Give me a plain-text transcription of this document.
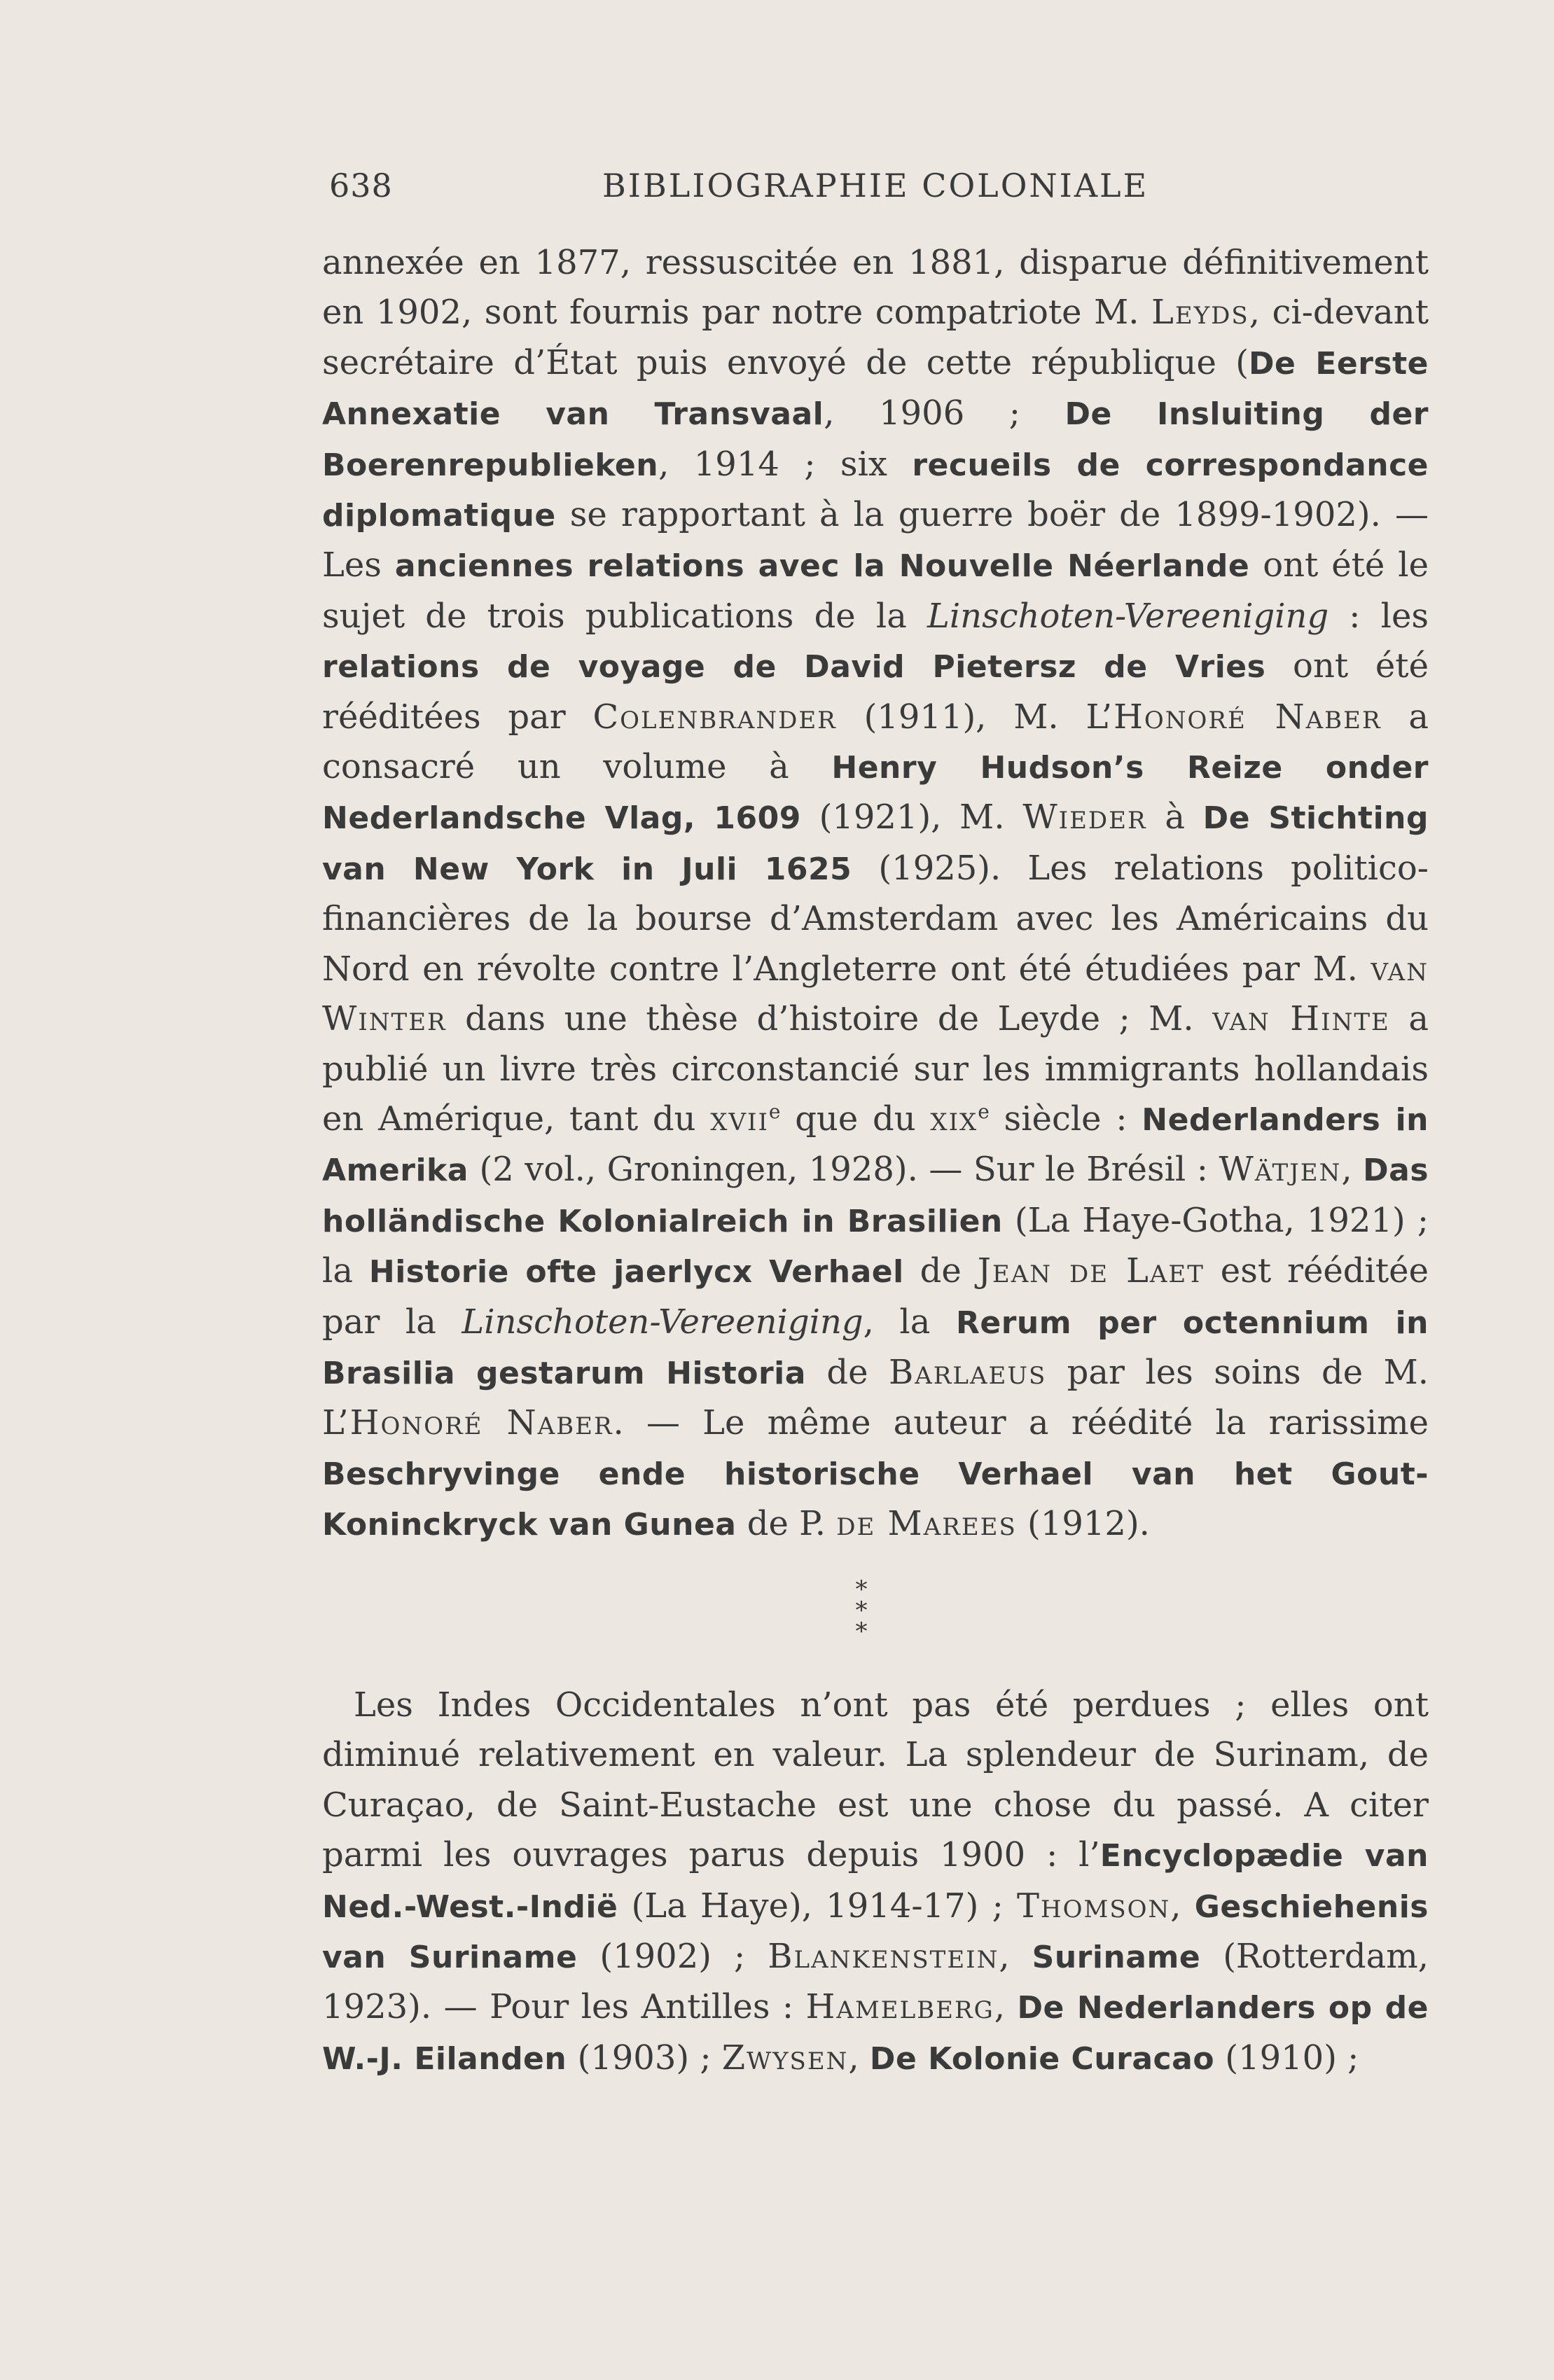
638	BIBLIOGRAPHIE COLONIALE
annexée en 1877, ressuscitée en 1881, disparue définitivement en 1902, sont fournis par notre compatriote M. Leyds, ci-devant secrétaire d’État puis envoyé de cette république (De Eerste Annexatie van Transvaal, 1906 ; De Insluiting der Boerenrepublieken, 1914 ; six recueils de correspondance diplomatique se rapportant à la guerre boër de 1899-1902). — Les anciennes relations avec la Nouvelle Néerlande ont été le sujet de trois publications de la Linschoten-Vereeniging : les relations de voyage de David Pietersz de Vries ont été rééditées par Colenbrander (1911), M. L’Honoré Naber a consacré un volume à Henry Hudson’s Reize onder Nederlandsche Vlag, 1609 (1921), M. Wieder à De Stichting van New York in Juli 1625 (1925). Les relations politico-financières de la bourse d’Amsterdam avec les Américains du Nord en révolte contre l’Angleterre ont été étudiées par M. van Winter dans une thèse d’histoire de Leyde ; M. van Hinte a publié un livre très circonstancié sur les immigrants hollandais en Amérique, tant du xvii$^e$ que du xix$^e$ siècle : Nederlanders in Amerika (2 vol., Groningen, 1928). — Sur le Brésil : Wätjen, Das holländische Kolonialreich in Brasilien (La Haye-Gotha, 1921) ; la Historie ofte jaerlycx Verhael de Jean de Laet est rééditée par la Linschoten-Vereeniging, la Rerum per octennium in Brasilia gestarum Historia de Barlaeus par les soins de M. L’Honoré Naber. — Le même auteur a réédité la rarissime Beschryvinge ende historische Verhael van het Gout-Koninckryck van Gunea de P. de Marees (1912).
*
* *
Les Indes Occidentales n’ont pas été perdues ; elles ont diminué relativement en valeur. La splendeur de Surinam, de Curaçao, de Saint-Eustache est une chose du passé. A citer parmi les ouvrages parus depuis 1900 : l’Encyclopædie van Ned.-West.-Indië (La Haye), 1914-17) ; Thomson, Geschiehenis van Suriname (1902) ; Blankenstein, Suriname (Rotterdam, 1923). — Pour les Antilles : Hamelberg, De Nederlanders op de W.-J. Eilanden (1903) ; Zwysen, De Kolonie Curacao (1910) ;
